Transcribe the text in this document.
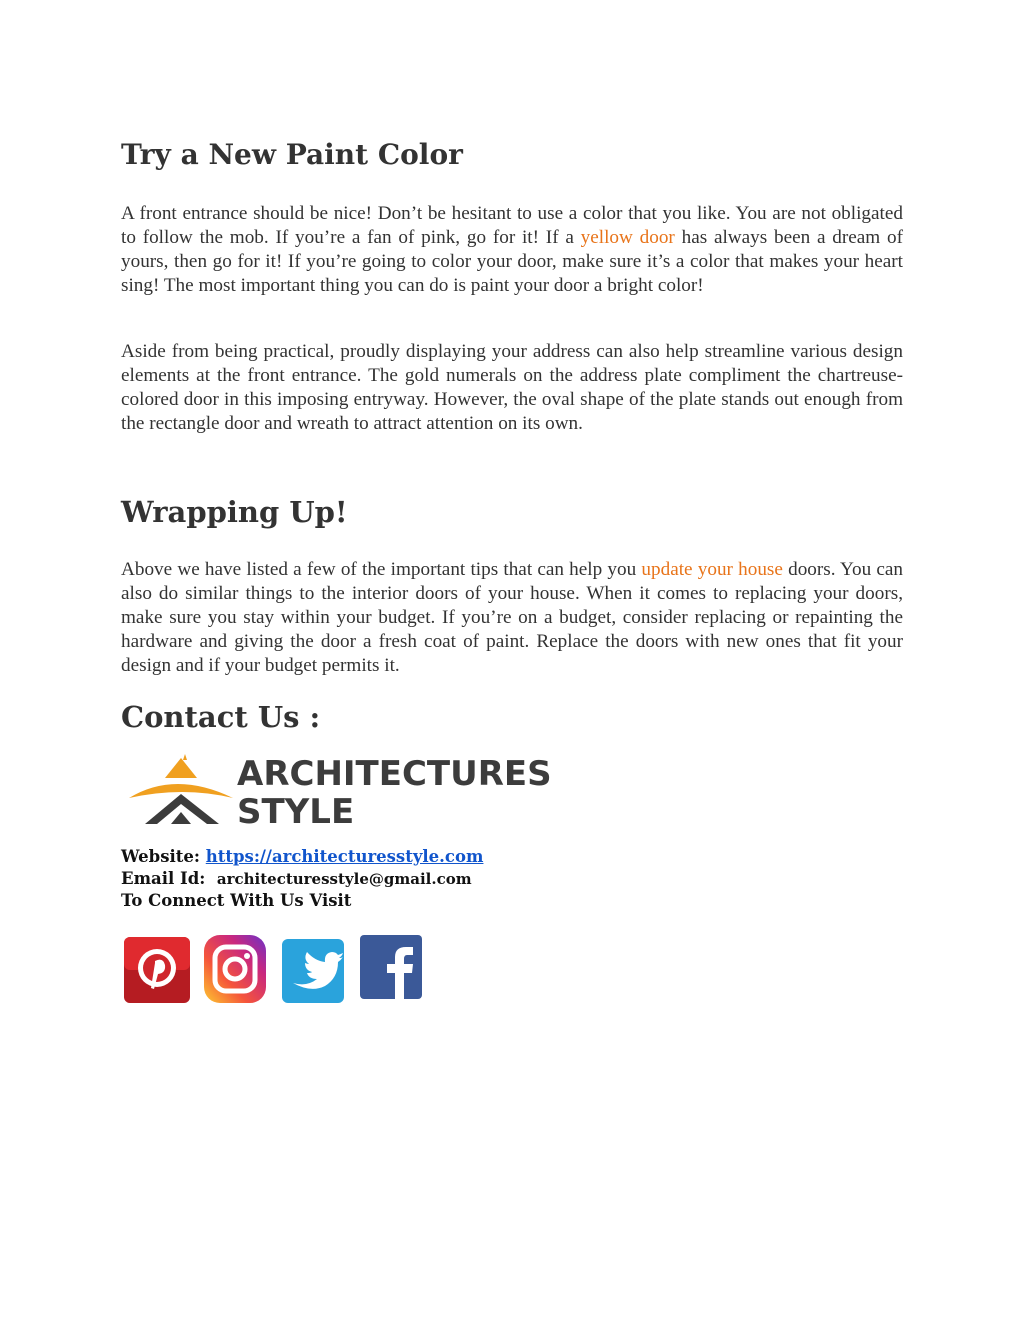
Try a New Paint Color

A front entrance should be nice! Don’t be hesitant to use a color that you like. You are not obligated to follow the mob. If you’re a fan of pink, go for it! If a yellow door has always been a dream of yours, then go for it! If you’re going to color your door, make sure it’s a color that makes your heart sing! The most important thing you can do is paint your door a bright color!

Aside from being practical, proudly displaying your address can also help streamline various design elements at the front entrance. The gold numerals on the address plate compliment the chartreuse-colored door in this imposing entryway. However, the oval shape of the plate stands out enough from the rectangle door and wreath to attract attention on its own.

Wrapping Up!

Above we have listed a few of the important tips that can help you update your house doors. You can also do similar things to the interior doors of your house. When it comes to replacing your doors, make sure you stay within your budget. If you’re on a budget, consider replacing or repainting the hardware and giving the door a fresh coat of paint. Replace the doors with new ones that fit your design and if your budget permits it.

Contact Us :
ARCHITECTURES
STYLE
Website: https://architecturesstyle.com
Email Id: architecturesstyle@gmail.com
To Connect With Us Visit
